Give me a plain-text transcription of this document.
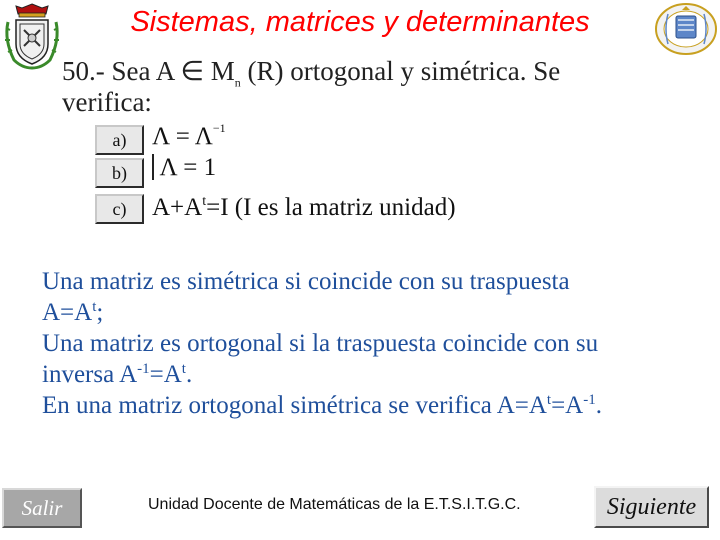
Sistemas, matrices y determinantes
50.- Sea A ∈ $M_n$ (R) ortogonal y simétrica. Se
verifica:
a)	$\Lambda = \Lambda^{-1}$
b)	Λ = 1
c)	$A+A^t=I$ (I es la matriz unidad)

Una matriz es simétrica si coincide con su traspuesta

$A=A^t$;

Una matriz es ortogonal si la traspuesta coincide con su

inversa $A^{-1}=A^t$.

En una matriz ortogonal simétrica se verifica $A=A^t=A^{-1}$.

Salir	Unidad Docente de Matemáticas de la E.T.S.I.T.G.C.	Siguiente
